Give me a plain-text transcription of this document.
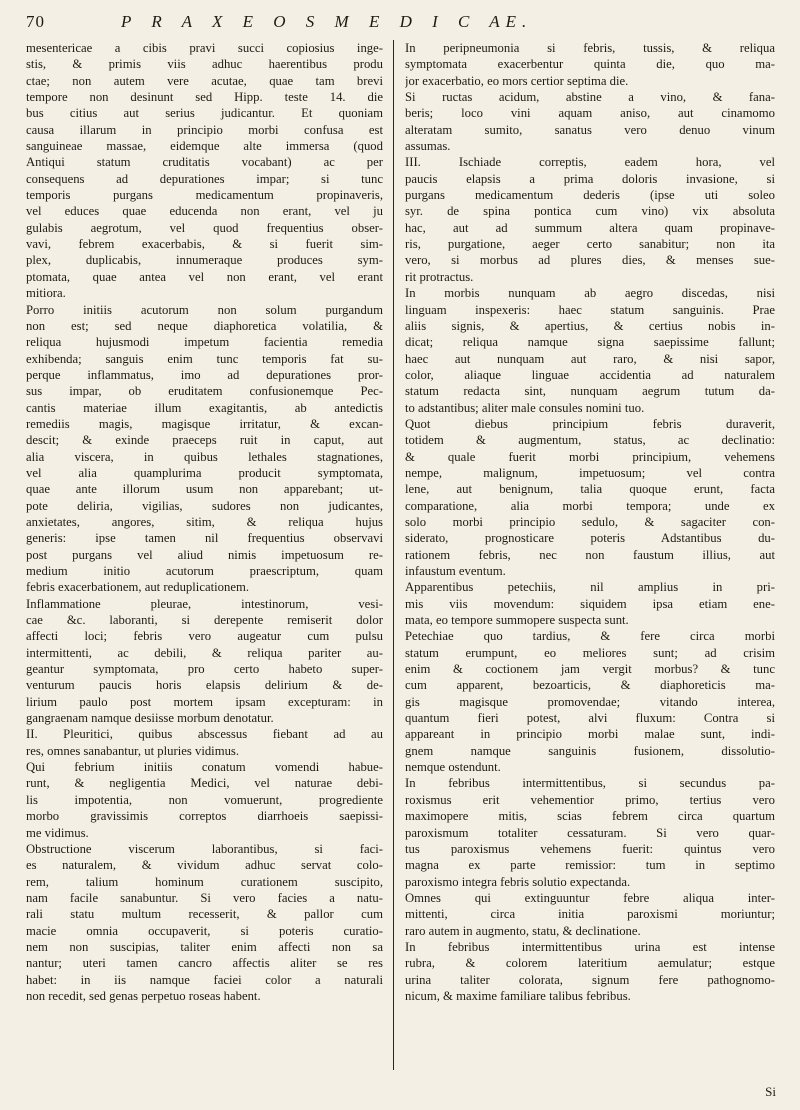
70	P R A X E O S M E D I C AE.
mesentericae a cibis pravi succi copiosius inge-
stis, & primis viis adhuc haerentibus produ
ctae; non autem vere acutae, quae tam brevi
tempore non desinunt sed Hipp. teste 14. die
bus citius aut serius judicantur. Et quoniam
causa illarum in principio morbi confusa est
sanguineae massae, eidemque alte immersa (quod
Antiqui statum cruditatis vocabant) ac per
consequens ad depurationes impar; si tunc
temporis purgans medicamentum propinaveris,
vel educes quae educenda non erant, vel ju
gulabis aegrotum, vel quod frequentius obser-
vavi, febrem exacerbabis, & si fuerit sim-
plex, duplicabis, innumeraque produces sym-
ptomata, quae antea vel non erant, vel erant
mitiora.
Porro initiis acutorum non solum purgandum
non est; sed neque diaphoretica volatilia, &
reliqua hujusmodi impetum facientia remedia
exhibenda; sanguis enim tunc temporis fat su-
perque inflammatus, imo ad depurationes pror-
sus impar, ob eruditatem confusionemque Pec-
cantis materiae illum exagitantis, ab antedictis
remediis magis, magisque irritatur, & excan-
descit; & exinde praeceps ruit in caput, aut
alia viscera, in quibus lethales stagnationes,
vel alia quamplurima producit symptomata,
quae ante illorum usum non apparebant; ut-
pote deliria, vigilias, sudores non judicantes,
anxietates, angores, sitim, & reliqua hujus
generis: ipse tamen nil frequentius observavi
post purgans vel aliud nimis impetuosum re-
medium initio acutorum praescriptum, quam
febris exacerbationem, aut reduplicationem.
Inflammatione pleurae, intestinorum, vesi-
cae &c. laboranti, si derepente remiserit dolor
affecti loci; febris vero augeatur cum pulsu
intermittenti, ac debili, & reliqua pariter au-
geantur symptomata, pro certo habeto super-
venturum paucis horis elapsis delirium & de-
lirium paulo post mortem ipsam excepturam: in
gangraenam namque desiisse morbum denotatur.
II. Pleuritici, quibus abscessus fiebant ad au
res, omnes sanabantur, ut pluries vidimus.
Qui febrium initiis conatum vomendi habue-
runt, & negligentia Medici, vel naturae debi-
lis impotentia, non vomuerunt, progrediente
morbo gravissimis correptos diarrhoeis saepissi-
me vidimus.
Obstructione viscerum laborantibus, si faci-
es naturalem, & vividum adhuc servat colo-
rem, talium hominum curationem suscipito,
nam facile sanabuntur. Si vero facies a natu-
rali statu multum recesserit, & pallor cum
macie omnia occupaverit, si poteris curatio-
nem non suscipias, taliter enim affecti non sa
nantur; uteri tamen cancro affectis aliter se res
habet: in iis namque faciei color a naturali
non recedit, sed genas perpetuo roseas habent.
In peripneumonia si febris, tussis, & reliqua
symptomata exacerbentur quinta die, quo ma-
jor exacerbatio, eo mors certior septima die.
Si ructas acidum, abstine a vino, & fana-
beris; loco vini aquam aniso, aut cinamomo
alteratam sumito, sanatus vero denuo vinum
assumas.
III. Ischiade correptis, eadem hora, vel
paucis elapsis a prima doloris invasione, si
purgans medicamentum dederis (ipse uti soleo
syr. de spina pontica cum vino) vix absoluta
hac, aut ad summum altera quam propinave-
ris, purgatione, aeger certo sanabitur; non ita
vero, si morbus ad plures dies, & menses sue-
rit protractus.
In morbis nunquam ab aegro discedas, nisi
linguam inspexeris: haec statum sanguinis. Prae
aliis signis, & apertius, & certius nobis in-
dicat; reliqua namque signa saepissime fallunt;
haec aut nunquam aut raro, & nisi sapor,
color, aliaque linguae accidentia ad naturalem
statum redacta sint, nunquam aegrum tutum da-
to adstantibus; aliter male consules nomini tuo.
Quot diebus principium febris duraverit,
totidem & augmentum, status, ac declinatio:
& quale fuerit morbi principium, vehemens
nempe, malignum, impetuosum; vel contra
lene, aut benignum, talia quoque erunt, facta
comparatione, alia morbi tempora; unde ex
solo morbi principio sedulo, & sagaciter con-
siderato, prognosticare poteris Adstantibus du-
rationem febris, nec non faustum illius, aut
infaustum eventum.
Apparentibus petechiis, nil amplius in pri-
mis viis movendum: siquidem ipsa etiam ene-
mata, eo tempore summopere suspecta sunt.
Petechiae quo tardius, & fere circa morbi
statum erumpunt, eo meliores sunt; ad crisim
enim & coctionem jam vergit morbus? & tunc
cum apparent, bezoarticis, & diaphoreticis ma-
gis magisque promovendae; vitando interea,
quantum fieri potest, alvi fluxum: Contra si
appareant in principio morbi malae sunt, indi-
gnem namque sanguinis fusionem, dissolutio-
nemque ostendunt.
In febribus intermittentibus, si secundus pa-
roxismus erit vehementior primo, tertius vero
maximopere mitis, scias febrem circa quartum
paroxismum totaliter cessaturam. Si vero quar-
tus paroxismus vehemens fuerit: quintus vero
magna ex parte remissior: tum in septimo
paroxismo integra febris solutio expectanda.
Omnes qui extinguuntur febre aliqua inter-
mittenti, circa initia paroxismi moriuntur;
raro autem in augmento, statu, & declinatione.
In febribus intermittentibus urina est intense
rubra, & colorem lateritium aemulatur; estque
urina taliter colorata, signum fere pathognomo-
nicum, & maxime familiare talibus febribus.
Si
